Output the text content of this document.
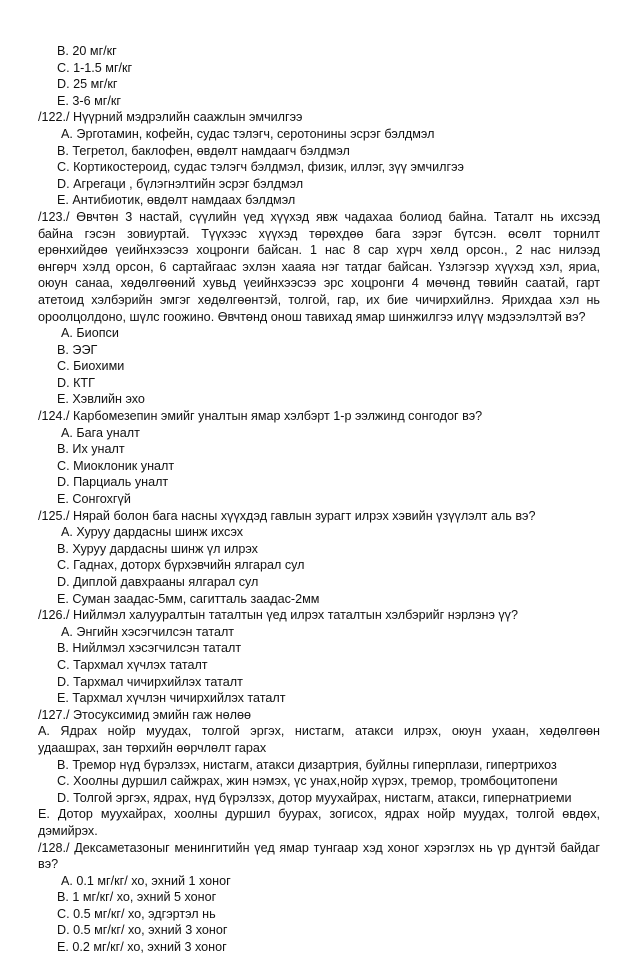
B. 20 мг/кг
C. 1-1.5 мг/кг
D. 25 мг/кг
E. 3-6 мг/кг
/122./ Нүүрний мэдрэлийн саажлын эмчилгээ
A. Эрготамин, кофейн, судас тэлэгч, серотонины эсрэг бэлдмэл
B. Тегретол, баклофен, өвдөлт намдаагч бэлдмэл
C. Кортикостероид, судас тэлэгч бэлдмэл, физик, иллэг, зүү эмчилгээ
D. Агрегаци , бүлэгнэлтийн эсрэг бэлдмэл
E. Антибиотик, өвдөлт намдаах бэлдмэл
/123./ Өвчтөн 3 настай, сүүлийн үед хүүхэд явж чадахаа болиод байна. Таталт нь ихсээд
байна гэсэн зовиуртай. Түүхээс хүүхэд төрөхдөө бага зэрэг бүтсэн. өсөлт торнилт
ерөнхийдөө үеийнхээсээ хоцронги байсан. 1 нас 8 сар хүрч хөлд орсон., 2 нас нилээд
өнгөрч хэлд орсон, 6 сартайгаас эхлэн хааяа нэг татдаг байсан. Үзлэгээр хүүхэд хэл, яриа,
оюун санаа, хөдөлгөөний хувьд үеийнхээсээ эрс хоцронги 4 мөчөнд төвийн саатай, гарт
атетоид хэлбэрийн эмгэг хөдөлгөөнтэй, толгой, гар, их бие чичирхийлнэ. Ярихдаа хэл нь
ороолцолдоно, шүлс гоожино. Өвчтөнд онош тавихад ямар шинжилгээ илүү мэдээлэлтэй вэ?
A. Биопси
B. ЭЭГ
C. Биохими
D. КТГ
E. Хэвлийн эхо
/124./ Карбомезепин эмийг уналтын ямар хэлбэрт 1-р ээлжинд сонгодог вэ?
A. Бага уналт
B. Их уналт
C. Миоклоник уналт
D. Парциаль уналт
E. Сонгохгүй
/125./ Нярай болон бага насны хүүхдэд гавлын зурагт илрэх хэвийн үзүүлэлт аль вэ?
A. Хуруу дардасны шинж ихсэх
B. Хуруу дардасны шинж үл илрэх
C. Гаднах, доторх бүрхэвчийн ялгарал сул
D. Диплой давхрааны ялгарал сул
E. Суман заадас-5мм, сагитталь заадас-2мм
/126./ Нийлмэл халууралтын таталтын үед илрэх таталтын хэлбэрийг нэрлэнэ үү?
A. Энгийн хэсэгчилсэн таталт
B. Нийлмэл хэсэгчилсэн таталт
C. Тархмал хүчлэх таталт
D. Тархмал чичирхийлэх таталт
E. Тархмал хүчлэн чичирхийлэх таталт
/127./ Этосуксимид эмийн гаж нөлөө
A. Ядрах нойр муудах, толгой эргэх, нистагм, атакси илрэх, оюун ухаан, хөдөлгөөн
удаашрах, зан төрхийн өөрчлөлт гарах
B. Тремор нүд бүрэлзэх, нистагм, атакси дизартрия, буйлны гиперплази, гипертрихоз
C. Хоолны дуршил сайжрах, жин нэмэх, үс унах,нойр хүрэх, тремор, тромбоцитопени
D. Толгой эргэх, ядрах, нүд бүрэлзэх, дотор муухайрах, нистагм, атакси, гипернатриеми
E. Дотор муухайрах, хоолны дуршил буурах, зогисох, ядрах нойр муудах, толгой өвдөх,
дэмийрэх.
/128./ Дексаметазоныг менингитийн үед ямар тунгаар хэд хоног хэрэглэх нь үр дүнтэй байдаг
вэ?
A. 0.1 мг/кг/ хо, эхний 1 хоног
B. 1 мг/кг/ хо, эхний 5 хоног
C. 0.5 мг/кг/ хо, эдгэртэл нь
D. 0.5 мг/кг/ хо, эхний 3 хоног
E. 0.2 мг/кг/ хо, эхний 3 хоног
